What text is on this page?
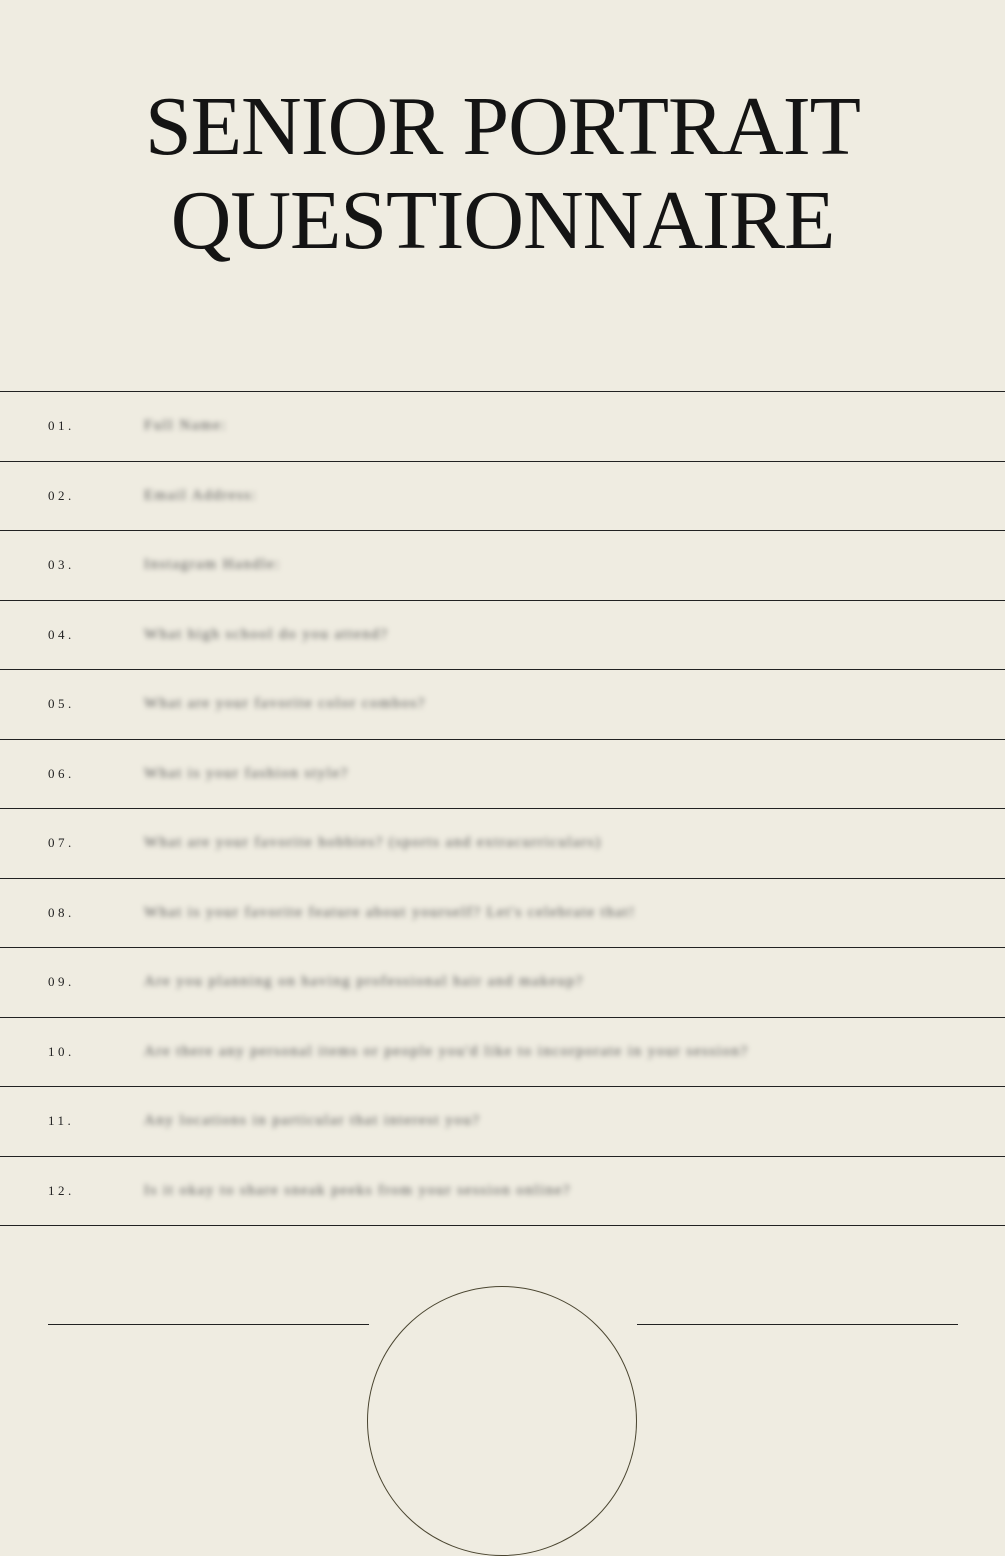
SENIOR PORTRAIT
QUESTIONNAIRE
01.	Full Name:
02.	Email Address:
03.	Instagram Handle:
04.	What high school do you attend?
05.	What are your favorite color combos?
06.	What is your fashion style?
07.	What are your favorite hobbies? (sports and extracurriculars)
08.	What is your favorite feature about yourself? Let's celebrate that!
09.	Are you planning on having professional hair and makeup?
10.	Are there any personal items or people you'd like to incorporate in your session?
11.	Any locations in particular that interest you?
12.	Is it okay to share sneak peeks from your session online?
